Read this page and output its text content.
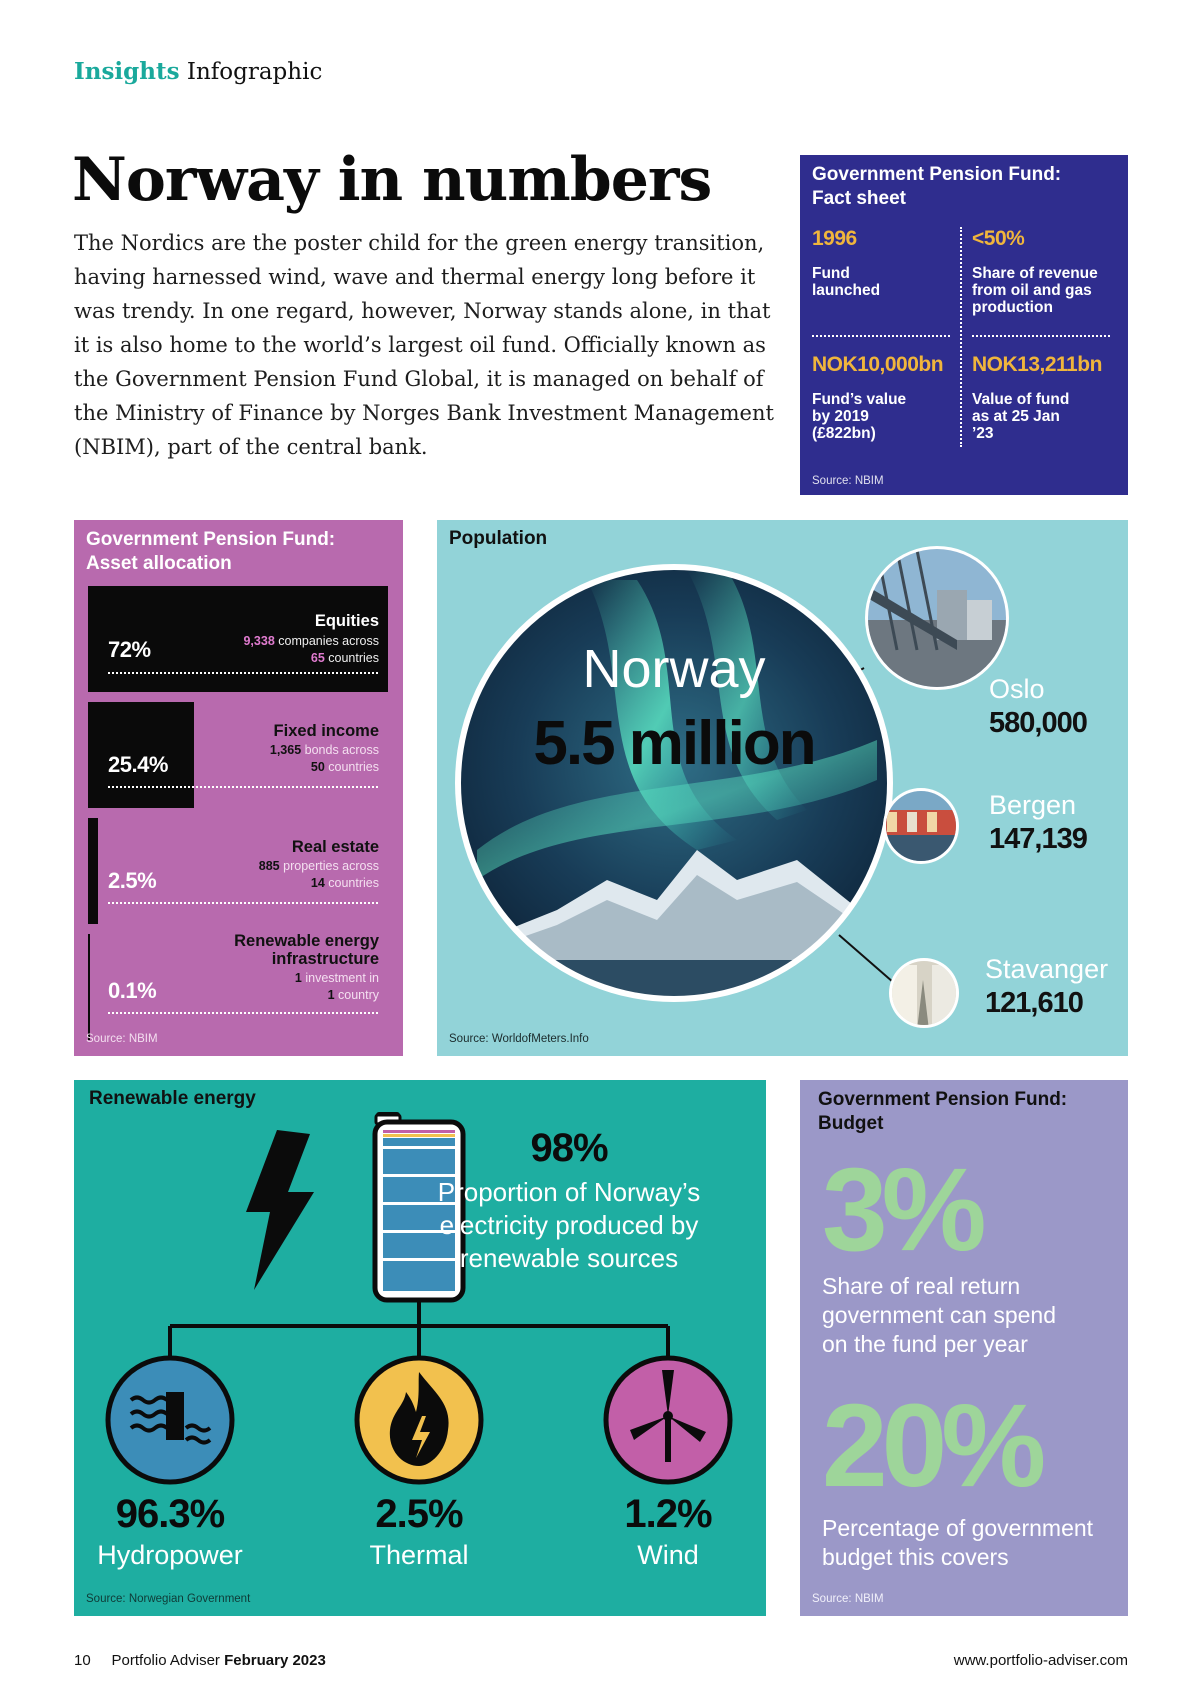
Insights Infographic
Norway in numbers
The Nordics are the poster child for the green energy transition, having harnessed wind, wave and thermal energy long before it was trendy. In one regard, however, Norway stands alone, in that it is also home to the world’s largest oil fund. Officially known as the Government Pension Fund Global, it is managed on behalf of the Ministry of Finance by Norges Bank Investment Management (NBIM), part of the central bank.
Government Pension Fund:
Fact sheet
1996
Fund launched
<50%
Share of revenue from oil and gas production
NOK10,000bn
Fund’s value by 2019 (£822bn)
NOK13,211bn
Value of fund as at 25 Jan ’23
Source: NBIM
Government Pension Fund:
Asset allocation
Equities
9,338 companies across
65 countries
72%
Fixed income
1,365 bonds across
50 countries
25.4%
Real estate
885 properties across
14 countries
2.5%
Renewable energy
infrastructure
1 investment in
1 country
0.1%
Source: NBIM
Population
Norway
5.5 million
Oslo
580,000
Bergen
147,139
Stavanger
121,610
Source: WorldofMeters.Info
Renewable energy
98%
Proportion of Norway’s
electricity produced by
renewable sources
96.3%
Hydropower
2.5%
Thermal
1.2%
Wind
Source: Norwegian Government
Government Pension Fund:
Budget
3%
Share of real return
government can spend
on the fund per year
20%
Percentage of government
budget this covers
Source: NBIM
10 Portfolio Adviser February 2023	www.portfolio-adviser.com
